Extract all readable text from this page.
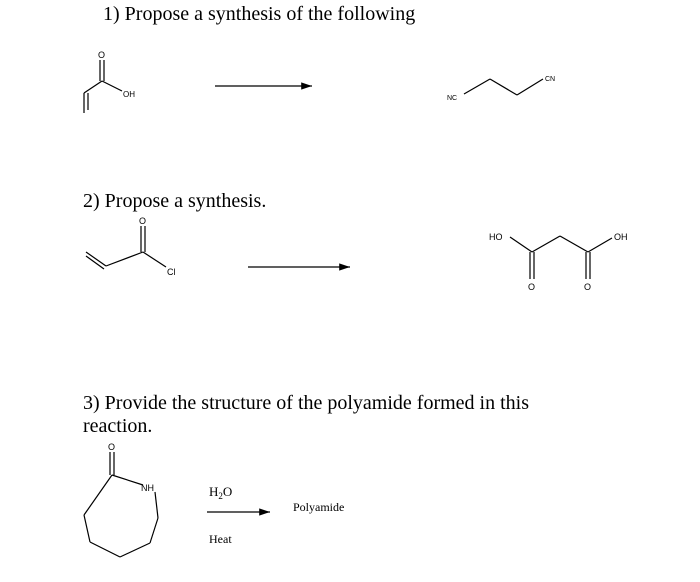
1) Propose a synthesis of the following

2) Propose a synthesis.

3) Provide the structure of the polyamide formed in this

reaction.

O
OH	NC
CN
O
Cl
HO	OH
O	O
O
NH	$H_2O$
Heat
Polyamide
